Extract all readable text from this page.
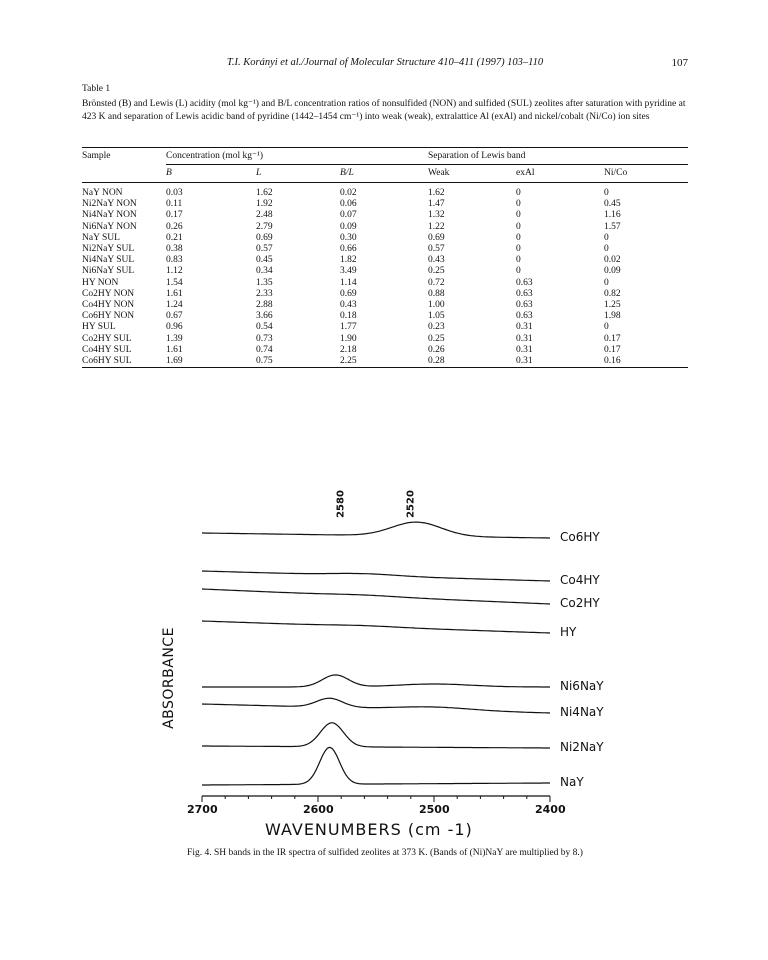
T.I. Korányi et al./Journal of Molecular Structure 410–411 (1997) 103–110	107
Table 1
Brönsted (B) and Lewis (L) acidity (mol kg⁻¹) and B/L concentration ratios of nonsulfided (NON) and sulfided (SUL) zeolites after saturation with pyridine at 423 K and separation of Lewis acidic band of pyridine (1442–1454 cm⁻¹) into weak (weak), extralattice Al (exAl) and nickel/cobalt (Ni/Co) ion sites
Sample	Concentration (mol kg⁻¹)			Separation of Lewis band		
	B	L	B/L	Weak	exAl	Ni/Co

NaY NON	0.03	1.62	0.02	1.62	0	0
Ni2NaY NON	0.11	1.92	0.06	1.47	0	0.45
Ni4NaY NON	0.17	2.48	0.07	1.32	0	1.16
Ni6NaY NON	0.26	2.79	0.09	1.22	0	1.57
NaY SUL	0.21	0.69	0.30	0.69	0	0
Ni2NaY SUL	0.38	0.57	0.66	0.57	0	0
Ni4NaY SUL	0.83	0.45	1.82	0.43	0	0.02
Ni6NaY SUL	1.12	0.34	3.49	0.25	0	0.09
HY NON	1.54	1.35	1.14	0.72	0.63	0
Co2HY NON	1.61	2.33	0.69	0.88	0.63	0.82
Co4HY NON	1.24	2.88	0.43	1.00	0.63	1.25
Co6HY NON	0.67	3.66	0.18	1.05	0.63	1.98
HY SUL	0.96	0.54	1.77	0.23	0.31	0
Co2HY SUL	1.39	0.73	1.90	0.25	0.31	0.17
Co4HY SUL	1.61	0.74	2.18	0.26	0.31	0.17
Co6HY SUL	1.69	0.75	2.25	0.28	0.31	0.16
ABSORBANCE
Co6HY
Co4HY
Co2HY
HY
Ni6NaY
Ni4NaY
Ni2NaY
NaY
2700	2600	2500	2400
2580	2520
WAVENUMBERS (cm -1)
Fig. 4. SH bands in the IR spectra of sulfided zeolites at 373 K. (Bands of (Ni)NaY are multiplied by 8.)
